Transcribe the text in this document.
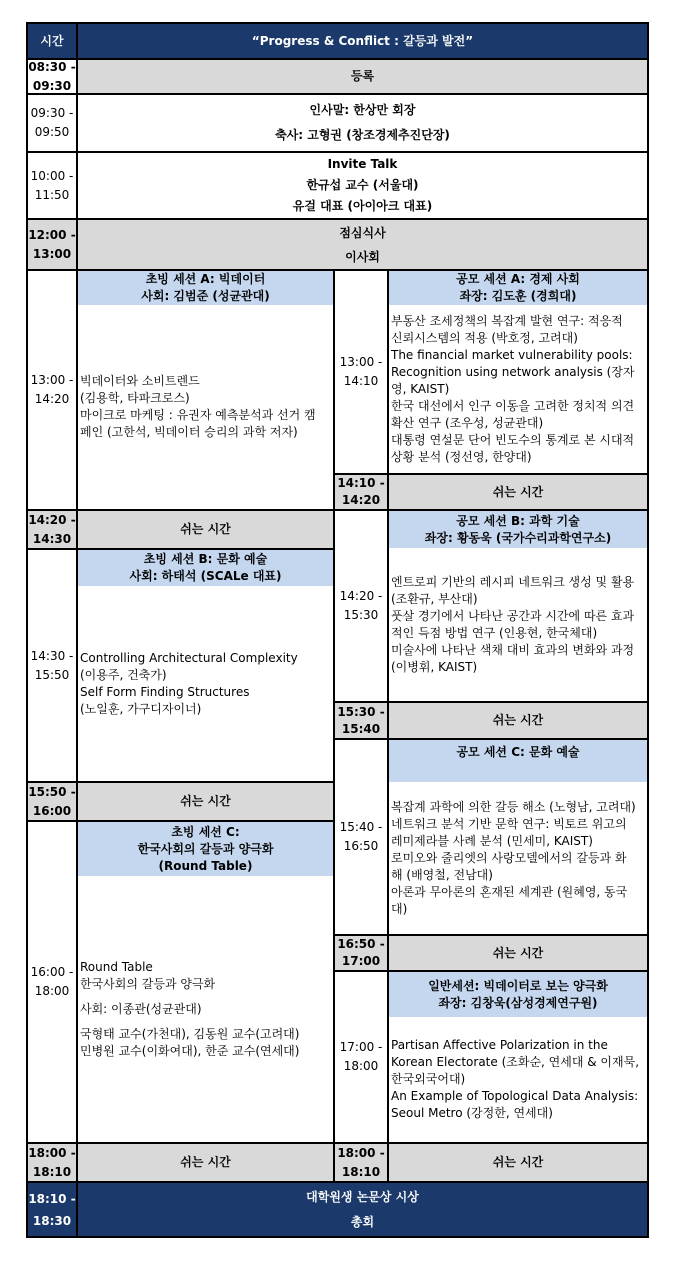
시간	“Progress & Conflict : 갈등과 발전”
08:30 -
09:30
등록
09:30 -
09:50
인사말: 한상만 회장
축사: 고형권 (창조경제추진단장)
10:00 -
11:50
Invite Talk
한규섭 교수 (서울대)
유걸 대표 (아이아크 대표)
12:00 -
13:00
점심식사
이사회
13:00 -
14:20
초빙 세션 A: 빅데이터
사회: 김범준 (성균관대)
빅데이터와 소비트렌드
(김용학, 타파크로스)
마이크로 마케팅 : 유권자 예측분석과 선거 캠
페인 (고한석, 빅데이터 승리의 과학 저자)
14:20 -
14:30
쉬는 시간
14:30 -
15:50
초빙 세션 B: 문화 예술
사회: 하태석 (SCALe 대표)
Controlling Architectural Complexity
(이용주, 건축가)
Self Form Finding Structures
(노일훈, 가구디자이너)
15:50 -
16:00
쉬는 시간
16:00 -
18:00
초빙 세션 C:
한국사회의 갈등과 양극화
(Round Table)
Round Table
한국사회의 갈등과 양극화
사회: 이종관(성균관대)
국형태 교수(가천대), 김동원 교수(고려대)
민병원 교수(이화여대), 한준 교수(연세대)
18:00 -
18:10
쉬는 시간
13:00 -
14:10
공모 세션 A: 경제 사회
좌장: 김도훈 (경희대)
부동산 조세정책의 복잡계 발현 연구: 적응적
신뢰시스템의 적용 (박호정, 고려대)
The financial market vulnerability pools:
Recognition using network analysis (장자
영, KAIST)
한국 대선에서 인구 이동을 고려한 정치적 의견
확산 연구 (조우성, 성균관대)
대통령 연설문 단어 빈도수의 통계로 본 시대적
상황 분석 (정선영, 한양대)
14:10 -
14:20
쉬는 시간
14:20 -
15:30
공모 세션 B: 과학 기술
좌장: 황동욱 (국가수리과학연구소)
엔트로피 기반의 레시피 네트워크 생성 및 활용
(조환규, 부산대)
풋살 경기에서 나타난 공간과 시간에 따른 효과
적인 득점 방법 연구 (인용현, 한국체대)
미술사에 나타난 색채 대비 효과의 변화와 과정
(이병휘, KAIST)
15:30 -
15:40
쉬는 시간
15:40 -
16:50
공모 세션 C: 문화 예술
복잡계 과학에 의한 갈등 해소 (노형남, 고려대)
네트워크 분석 기반 문학 연구: 빅토르 위고의
레미제라블 사례 분석 (민세미, KAIST)
로미오와 줄리엣의 사랑모델에서의 갈등과 화
해 (배영철, 전남대)
아론과 무아론의 혼재된 세계관 (원혜영, 동국
대)
16:50 -
17:00
쉬는 시간
17:00 -
18:00
일반세션: 빅데이터로 보는 양극화
좌장: 김창욱(삼성경제연구원)
Partisan Affective Polarization in the
Korean Electorate (조화순, 연세대 & 이재묵,
한국외국어대)
An Example of Topological Data Analysis:
Seoul Metro (강정한, 연세대)
18:00 -
18:10
쉬는 시간
18:10 -
18:30
대학원생 논문상 시상
총회
